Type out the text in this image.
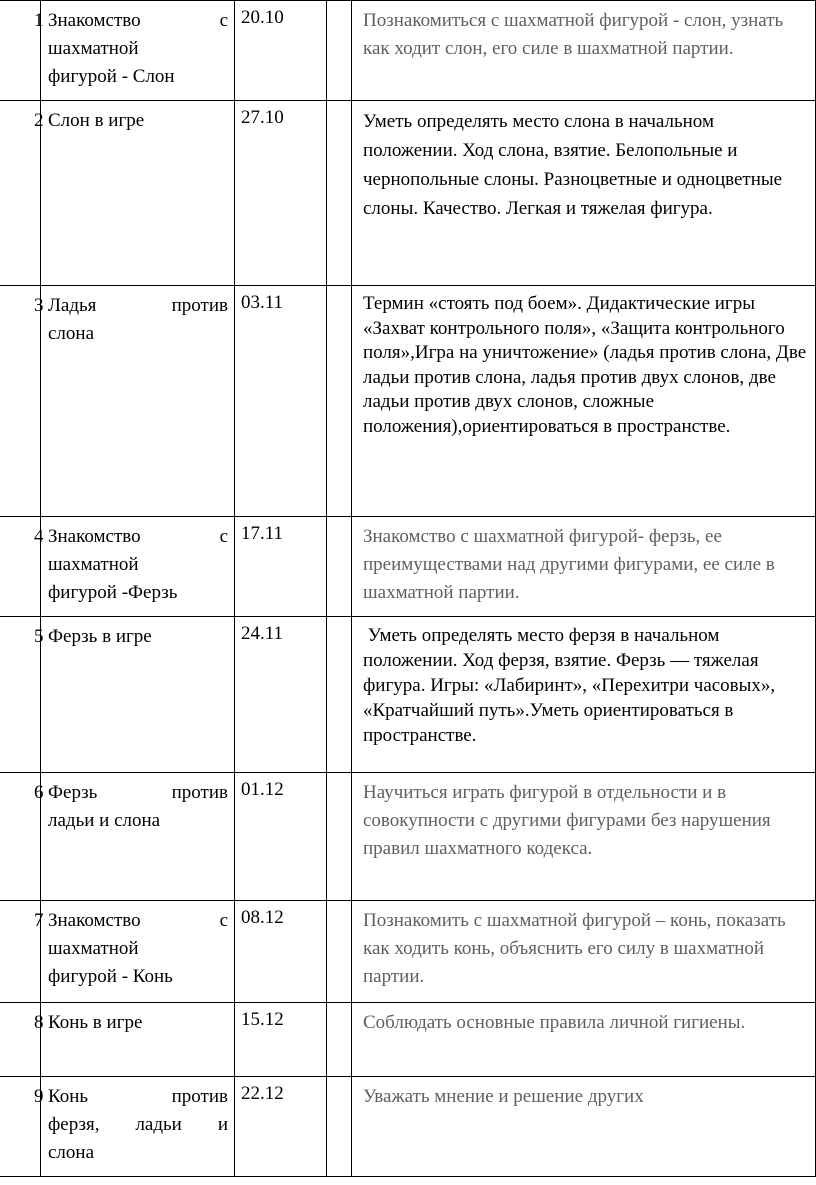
1	Знакомство с
шахматной
фигурой - Слон	20.10		Познакомиться с шахматной фигурой - слон, узнать как ходит слон, его силе в шахматной партии.

2	Слон в игре	27.10		Уметь определять место слона в начальном положении. Ход слона, взятие. Белопольные и чернопольные слоны. Разноцветные и одноцветные слоны. Качество. Легкая и тяжелая фигура.

3	Ладья против
слона	03.11		Термин «стоять под боем». Дидактические игры «Захват контрольного поля», «Защита контрольного поля»,Игра на уничтожение» (ладья против слона, Две ладьи против слона, ладья против двух слонов, две ладьи против двух слонов, сложные положения),ориентироваться в пространстве.

4	Знакомство с
шахматной
фигурой -Ферзь	17.11		Знакомство с шахматной фигурой- ферзь, ее преимуществами над другими фигурами, ее силе в шахматной партии.

5	Ферзь в игре	24.11		Уметь определять место ферзя в начальном положении. Ход ферзя, взятие. Ферзь — тяжелая фигура. Игры: «Лабиринт», «Перехитри часовых», «Кратчайший путь».Уметь ориентироваться в пространстве.

6	Ферзь против
ладьи и слона	01.12		Научиться играть фигурой в отдельности и в совокупности с другими фигурами без нарушения правил шахматного кодекса.

7	Знакомство с
шахматной
фигурой - Конь	08.12		Познакомить с шахматной фигурой – конь, показать как ходить конь, объяснить его силу в шахматной партии.

8	Конь в игре	15.12		Соблюдать основные правила личной гигиены.

9	Конь против
ферзя, ладьи и
слона	22.12		Уважать мнение и решение других
